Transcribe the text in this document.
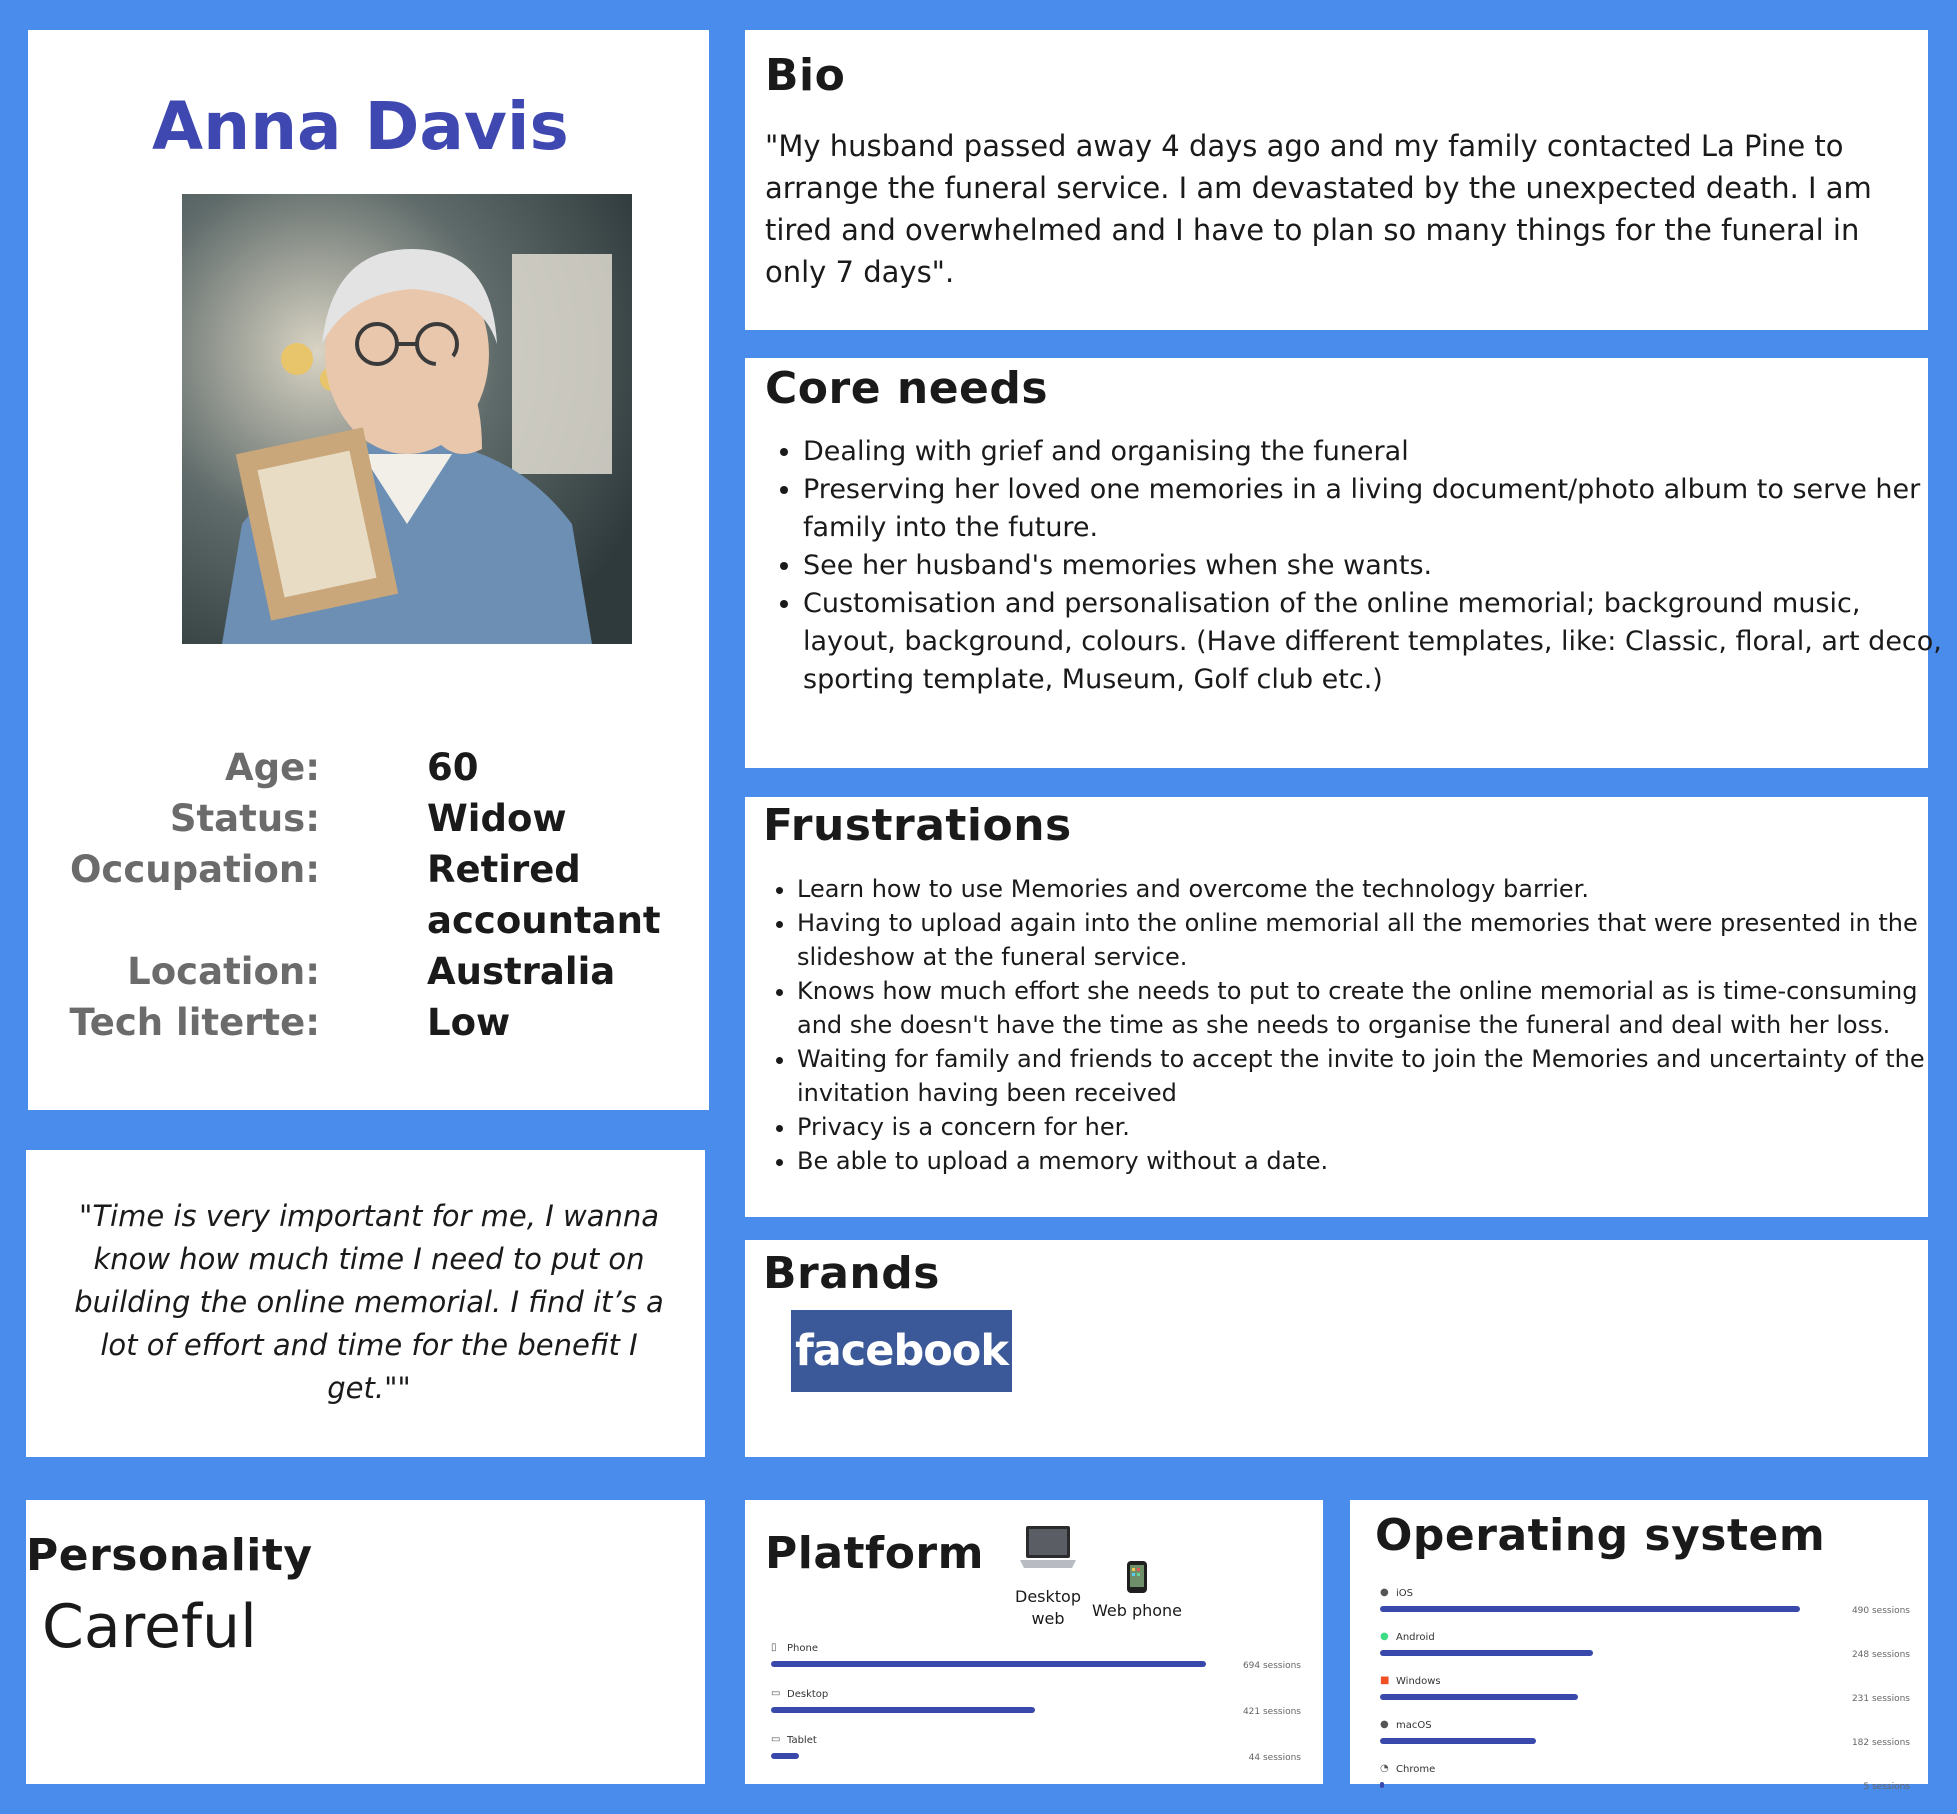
Anna Davis
Age:	60
Status:	Widow
Occupation:	Retired
accountant
Location:	Australia
Tech literte:	Low

"Time is very important for me, I wanna know how much time I need to put on building the online memorial. I find it’s a lot of effort and time for the benefit I get.""

Bio

"My husband passed away 4 days ago and my family contacted La Pine to arrange the funeral service. I am devastated by the unexpected death. I am tired and overwhelmed and I have to plan so many things for the funeral in only 7 days".

Core needs
• Dealing with grief and organising the funeral
• Preserving her loved one memories in a living document/photo album to serve her family into the future.
• See her husband's memories when she wants.
• Customisation and personalisation of the online memorial; background music, layout, background, colours. (Have different templates, like: Classic, floral, art deco, sporting template, Museum, Golf club etc.)
Frustrations
• Learn how to use Memories and overcome the technology barrier.
• Having to upload again into the online memorial all the memories that were presented in the slideshow at the funeral service.
• Knows how much effort she needs to put to create the online memorial as is time-consuming and she doesn't have the time as she needs to organise the funeral and deal with her loss.
• Waiting for family and friends to accept the invite to join the Memories and uncertainty of the invitation having been received
• Privacy is a concern for her.
• Be able to upload a memory without a date.
Brands
facebook
Personality

Careful

Platform
Desktop
web	Web phone
▯	Phone
694 sessions
▭ Desktop
421 sessions
▭ Tablet
44 sessions
Operating system
● iOS
490 sessions
● Android
248 sessions
■ Windows
231 sessions
● macOS
182 sessions
◔ Chrome
5 sessions
